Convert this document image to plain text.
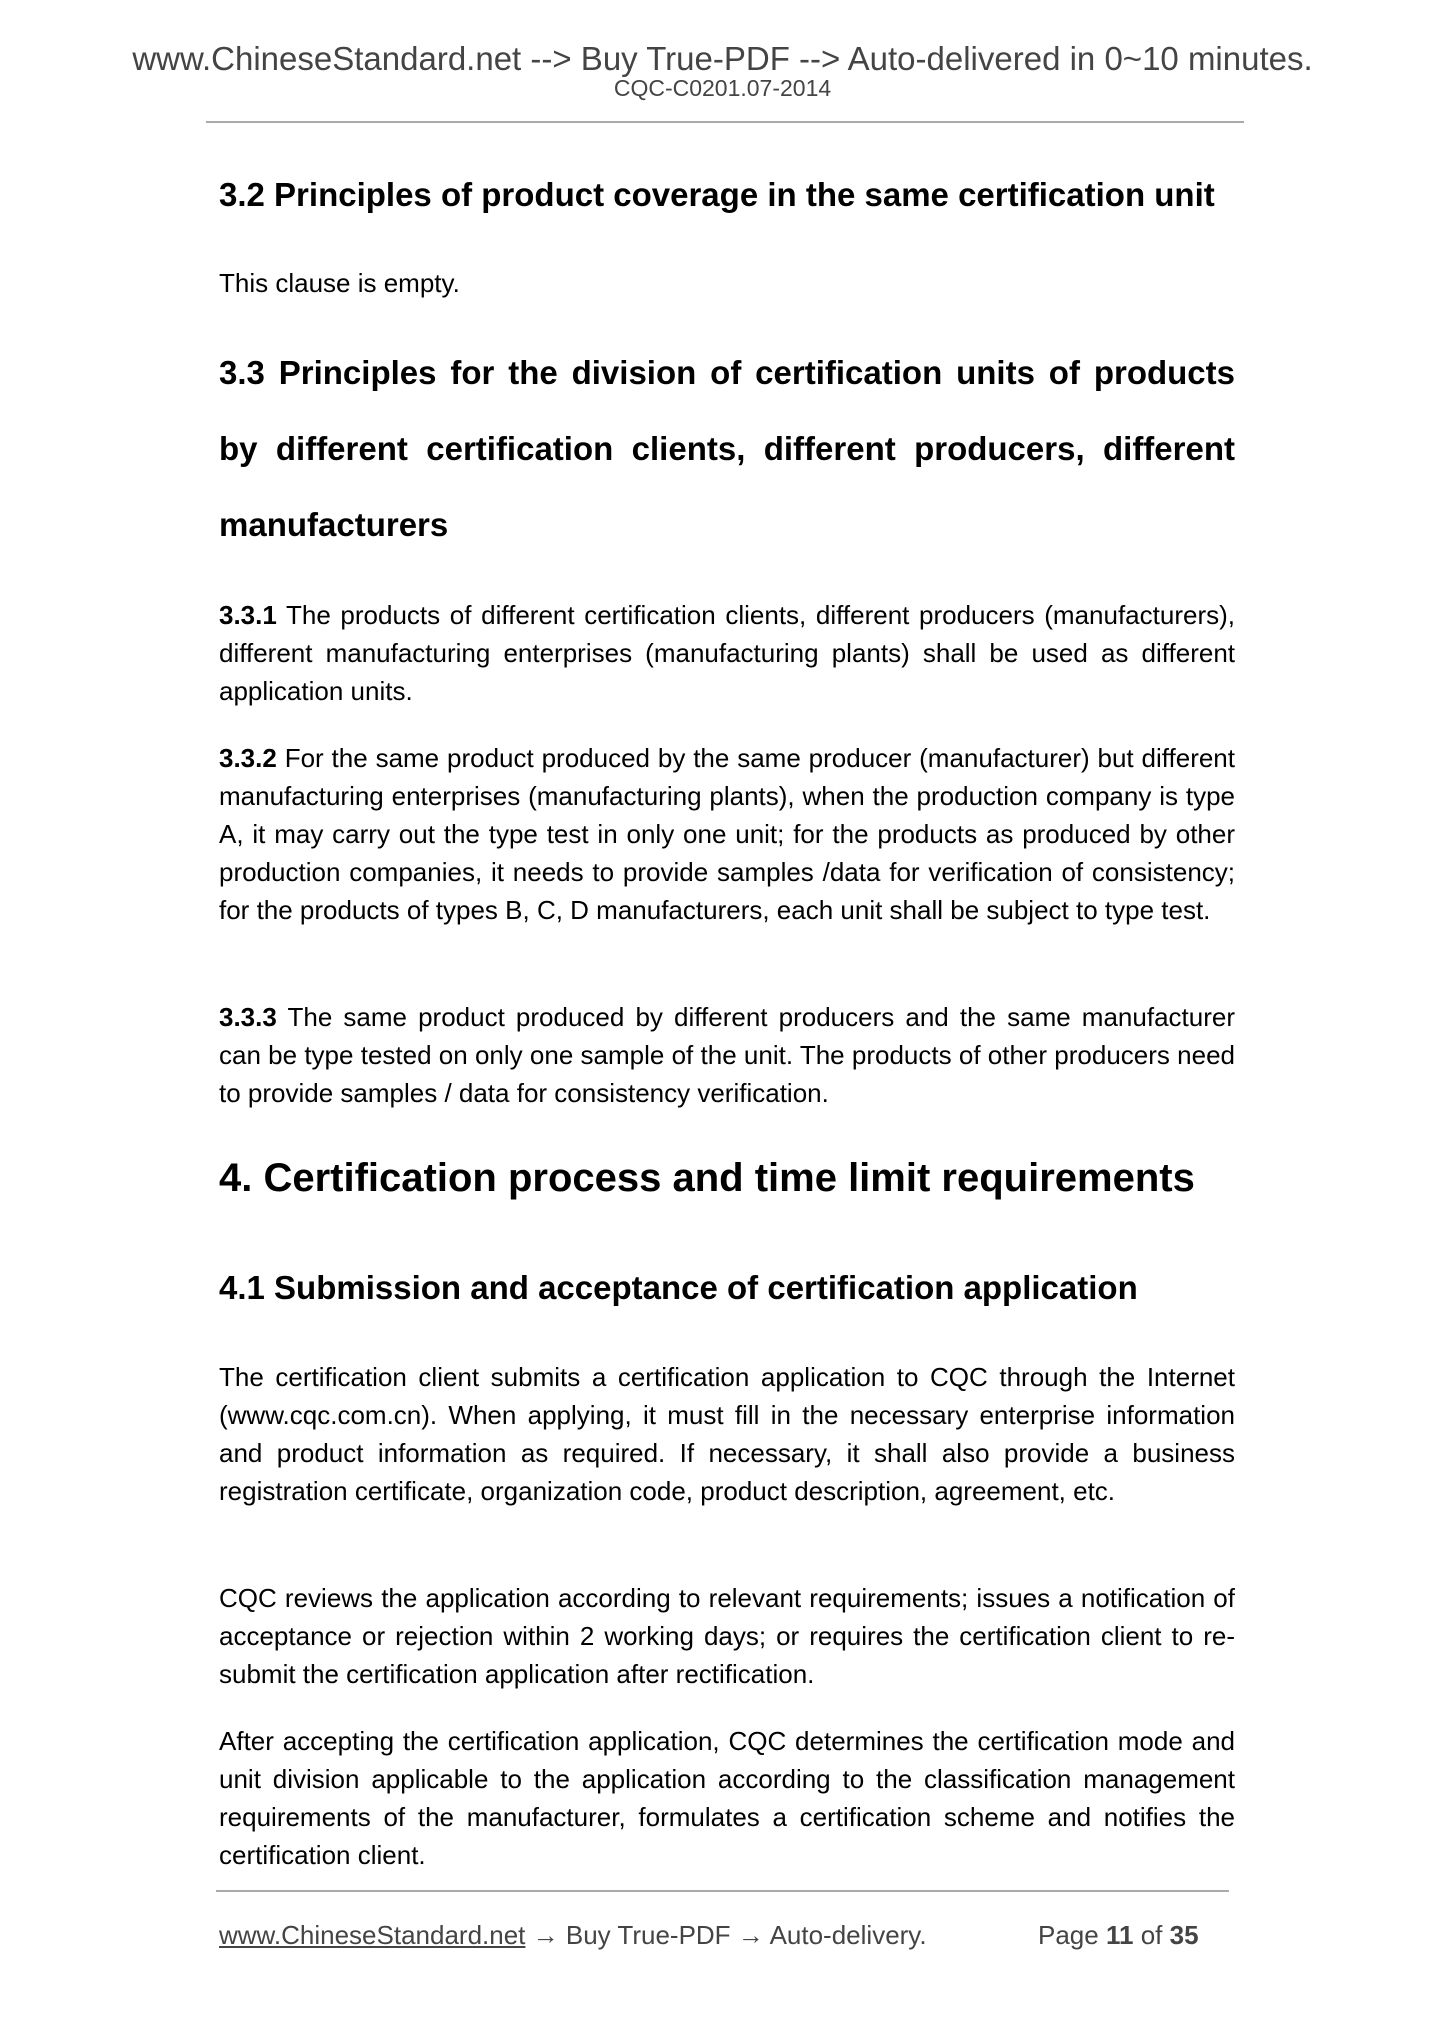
www.ChineseStandard.net --> Buy True-PDF --> Auto-delivered in 0~10 minutes.
CQC-C0201.07-2014
3.2 Principles of product coverage in the same certification unit
This clause is empty.
3.3 Principles for the division of certification units of products by different certification clients, different producers, different manufacturers
3.3.1 The products of different certification clients, different producers (manufacturers), different manufacturing enterprises (manufacturing plants) shall be used as different application units.
3.3.2 For the same product produced by the same producer (manufacturer) but different manufacturing enterprises (manufacturing plants), when the production company is type A, it may carry out the type test in only one unit; for the products as produced by other production companies, it needs to provide samples /data for verification of consistency; for the products of types B, C, D manufacturers, each unit shall be subject to type test.
3.3.3 The same product produced by different producers and the same manufacturer can be type tested on only one sample of the unit. The products of other producers need to provide samples / data for consistency verification.
4. Certification process and time limit requirements
4.1 Submission and acceptance of certification application
The certification client submits a certification application to CQC through the Internet (www.cqc.com.cn). When applying, it must fill in the necessary enterprise information and product information as required. If necessary, it shall also provide a business registration certificate, organization code, product description, agreement, etc.
CQC reviews the application according to relevant requirements; issues a notification of acceptance or rejection within 2 working days; or requires the certification client to re-submit the certification application after rectification.
After accepting the certification application, CQC determines the certification mode and unit division applicable to the application according to the classification management requirements of the manufacturer, formulates a certification scheme and notifies the certification client.
www.ChineseStandard.net → Buy True-PDF → Auto-delivery.	Page 11 of 35
